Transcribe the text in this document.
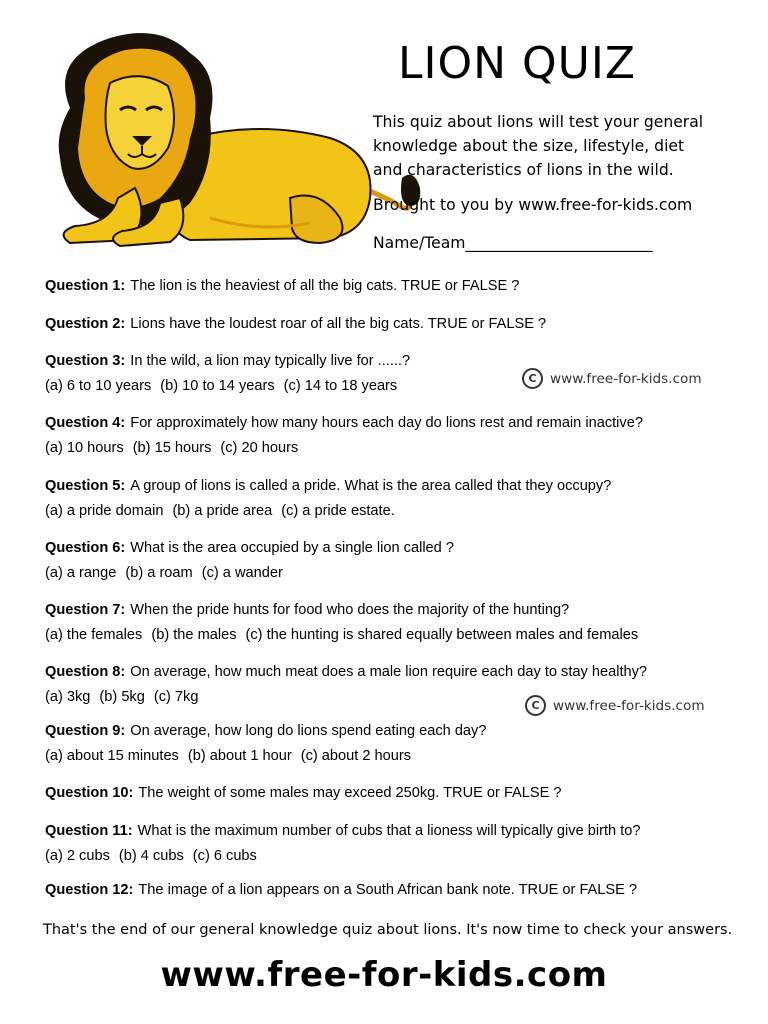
LION QUIZ
This quiz about lions will test your general
knowledge about the size, lifestyle, diet
and characteristics of lions in the wild.
Brought to you by www.free-for-kids.com
Name/Team________________________
Question 1: The lion is the heaviest of all the big cats. TRUE or FALSE ?
Question 2: Lions have the loudest roar of all the big cats. TRUE or FALSE ?
Question 3: In the wild, a lion may typically live for ......?
(a) 6 to 10 years (b) 10 to 14 years (c) 14 to 18 years
Question 4: For approximately how many hours each day do lions rest and remain inactive?
(a) 10 hours (b) 15 hours (c) 20 hours
Question 5: A group of lions is called a pride. What is the area called that they occupy?
(a) a pride domain (b) a pride area (c) a pride estate.
Question 6: What is the area occupied by a single lion called ?
(a) a range (b) a roam (c) a wander
Question 7: When the pride hunts for food who does the majority of the hunting?
(a) the females (b) the males (c) the hunting is shared equally between males and females
Question 8: On average, how much meat does a male lion require each day to stay healthy?
(a) 3kg (b) 5kg (c) 7kg
Question 9: On average, how long do lions spend eating each day?
(a) about 15 minutes (b) about 1 hour (c) about 2 hours
Question 10: The weight of some males may exceed 250kg. TRUE or FALSE ?
Question 11: What is the maximum number of cubs that a lioness will typically give birth to?
(a) 2 cubs (b) 4 cubs (c) 6 cubs
Question 12: The image of a lion appears on a South African bank note. TRUE or FALSE ?
C www.free-for-kids.com
C www.free-for-kids.com
That's the end of our general knowledge quiz about lions. It's now time to check your answers.
www.free-for-kids.com
